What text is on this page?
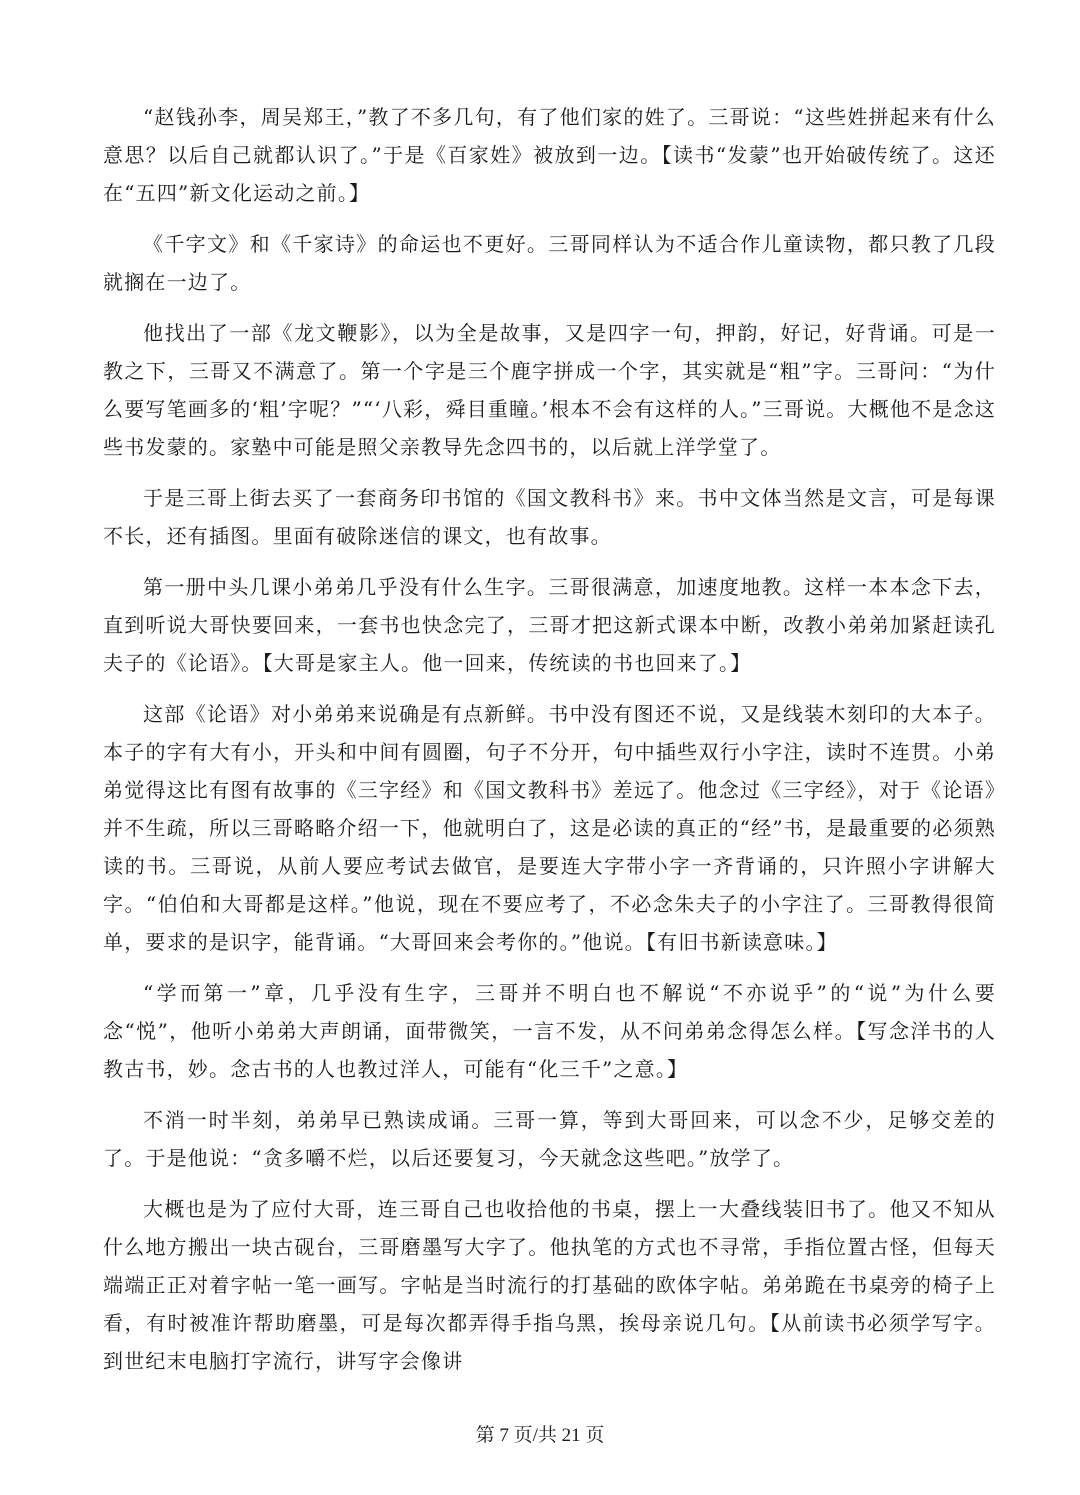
“赵钱孙李，周吴郑王，”教了不多几句，有了他们家的姓了。三哥说：“这些姓拼起来有什么意思？以后自己就都认识了。”于是《百家姓》被放到一边。【读书“发蒙”也开始破传统了。这还在“五四”新文化运动之前。】

《千字文》和《千家诗》的命运也不更好。三哥同样认为不适合作儿童读物，都只教了几段就搁在一边了。

他找出了一部《龙文鞭影》，以为全是故事，又是四字一句，押韵，好记，好背诵。可是一教之下，三哥又不满意了。第一个字是三个鹿字拼成一个字，其实就是“粗”字。三哥问：“为什么要写笔画多的‘粗’字呢？”“‘八彩，舜目重瞳。’根本不会有这样的人。”三哥说。大概他不是念这些书发蒙的。家塾中可能是照父亲教导先念四书的，以后就上洋学堂了。

于是三哥上街去买了一套商务印书馆的《国文教科书》来。书中文体当然是文言，可是每课不长，还有插图。里面有破除迷信的课文，也有故事。

第一册中头几课小弟弟几乎没有什么生字。三哥很满意，加速度地教。这样一本本念下去，直到听说大哥快要回来，一套书也快念完了，三哥才把这新式课本中断，改教小弟弟加紧赶读孔夫子的《论语》。【大哥是家主人。他一回来，传统读的书也回来了。】

这部《论语》对小弟弟来说确是有点新鲜。书中没有图还不说，又是线装木刻印的大本子。本子的字有大有小，开头和中间有圆圈，句子不分开，句中插些双行小字注，读时不连贯。小弟弟觉得这比有图有故事的《三字经》和《国文教科书》差远了。他念过《三字经》，对于《论语》并不生疏，所以三哥略略介绍一下，他就明白了，这是必读的真正的“经”书，是最重要的必须熟读的书。三哥说，从前人要应考试去做官，是要连大字带小字一齐背诵的，只许照小字讲解大字。“伯伯和大哥都是这样。”他说，现在不要应考了，不必念朱夫子的小字注了。三哥教得很简单，要求的是识字，能背诵。“大哥回来会考你的。”他说。【有旧书新读意味。】

“学而第一”章，几乎没有生字，三哥并不明白也不解说“不亦说乎”的“说”为什么要念“悦”，他听小弟弟大声朗诵，面带微笑，一言不发，从不问弟弟念得怎么样。【写念洋书的人教古书，妙。念古书的人也教过洋人，可能有“化三千”之意。】

不消一时半刻，弟弟早已熟读成诵。三哥一算，等到大哥回来，可以念不少，足够交差的了。于是他说：“贪多嚼不烂，以后还要复习，今天就念这些吧。”放学了。

大概也是为了应付大哥，连三哥自己也收拾他的书桌，摆上一大叠线装旧书了。他又不知从什么地方搬出一块古砚台，三哥磨墨写大字了。他执笔的方式也不寻常，手指位置古怪，但每天端端正正对着字帖一笔一画写。字帖是当时流行的打基础的欧体字帖。弟弟跪在书桌旁的椅子上看，有时被准许帮助磨墨，可是每次都弄得手指乌黑，挨母亲说几句。【从前读书必须学写字。到世纪末电脑打字流行，讲写字会像讲

第 7 页/共 21 页
